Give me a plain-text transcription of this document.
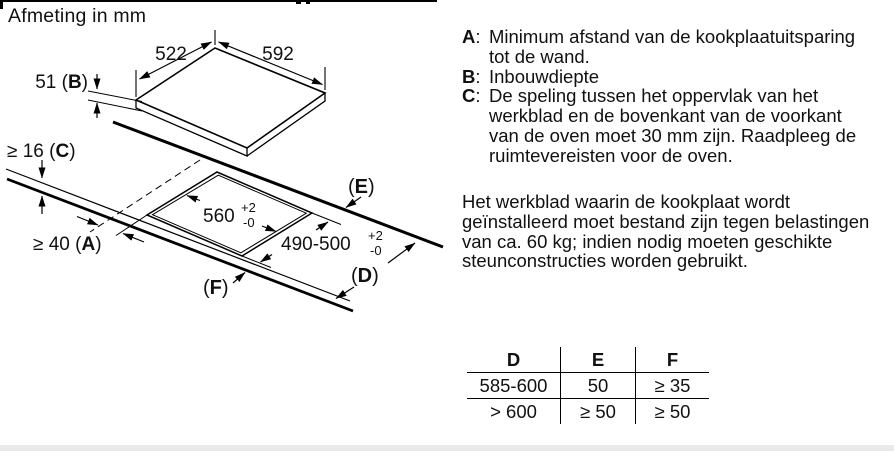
Afmeting in mm
522	592
51 (B)
≥ 16 (C)
560 +2
-0
490-500 +2
-0
≥ 40 (A)
(E)
(F)
(D)
A: Minimum afstand van de kookplaatuitsparing tot de wand.
B: Inbouwdiepte
C: De speling tussen het oppervlak van het werkblad en de bovenkant van de voorkant van de oven moet 30 mm zijn. Raadpleeg de ruimtevereisten voor de oven.

Het werkblad waarin de kookplaat wordt geïnstalleerd moet bestand zijn tegen belastingen van ca. 60 kg; indien nodig moeten geschikte steunconstructies worden gebruikt.

D	E	F
585-600	50	≥ 35
> 600	≥ 50	≥ 50
